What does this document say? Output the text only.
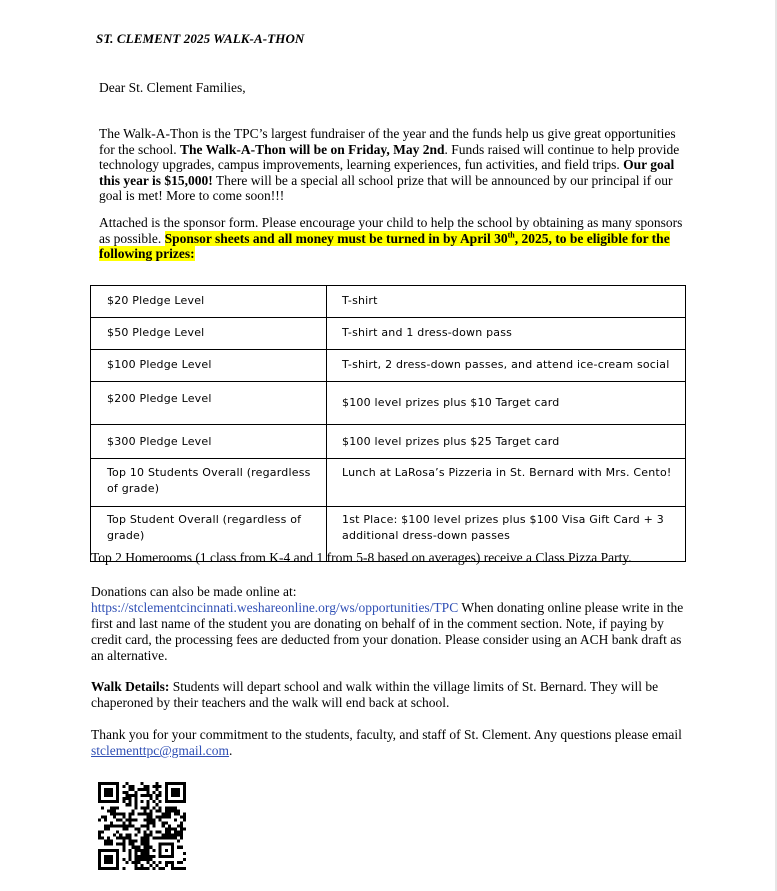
ST. CLEMENT 2025 WALK-A-THON
Dear St. Clement Families,
The Walk-A-Thon is the TPC’s largest fundraiser of the year and the funds help us give great opportunities for the school. The Walk-A-Thon will be on Friday, May 2nd. Funds raised will continue to help provide technology upgrades, campus improvements, learning experiences, fun activities, and field trips. Our goal this year is $15,000! There will be a special all school prize that will be announced by our principal if our goal is met! More to come soon!!!
Attached is the sponsor form. Please encourage your child to help the school by obtaining as many sponsors as possible. Sponsor sheets and all money must be turned in by April 30th, 2025, to be eligible for the following prizes:
$20 Pledge Level	T-shirt
$50 Pledge Level	T-shirt and 1 dress-down pass
$100 Pledge Level	T-shirt, 2 dress-down passes, and attend ice-cream social
$200 Pledge Level	$100 level prizes plus $10 Target card
$300 Pledge Level	$100 level prizes plus $25 Target card
Top 10 Students Overall (regardless of grade)	Lunch at LaRosa’s Pizzeria in St. Bernard with Mrs. Cento!
Top Student Overall (regardless of grade)	1st Place: $100 level prizes plus $100 Visa Gift Card + 3 additional dress-down passes
Top 2 Homerooms (1 class from K-4 and 1 from 5-8 based on averages) receive a Class Pizza Party.
Donations can also be made online at:
https://stclementcincinnati.weshareonline.org/ws/opportunities/TPC When donating online please write in the first and last name of the student you are donating on behalf of in the comment section. Note, if paying by credit card, the processing fees are deducted from your donation. Please consider using an ACH bank draft as an alternative.
Walk Details: Students will depart school and walk within the village limits of St. Bernard. They will be chaperoned by their teachers and the walk will end back at school.
Thank you for your commitment to the students, faculty, and staff of St. Clement. Any questions please email stclementtpc@gmail.com.
